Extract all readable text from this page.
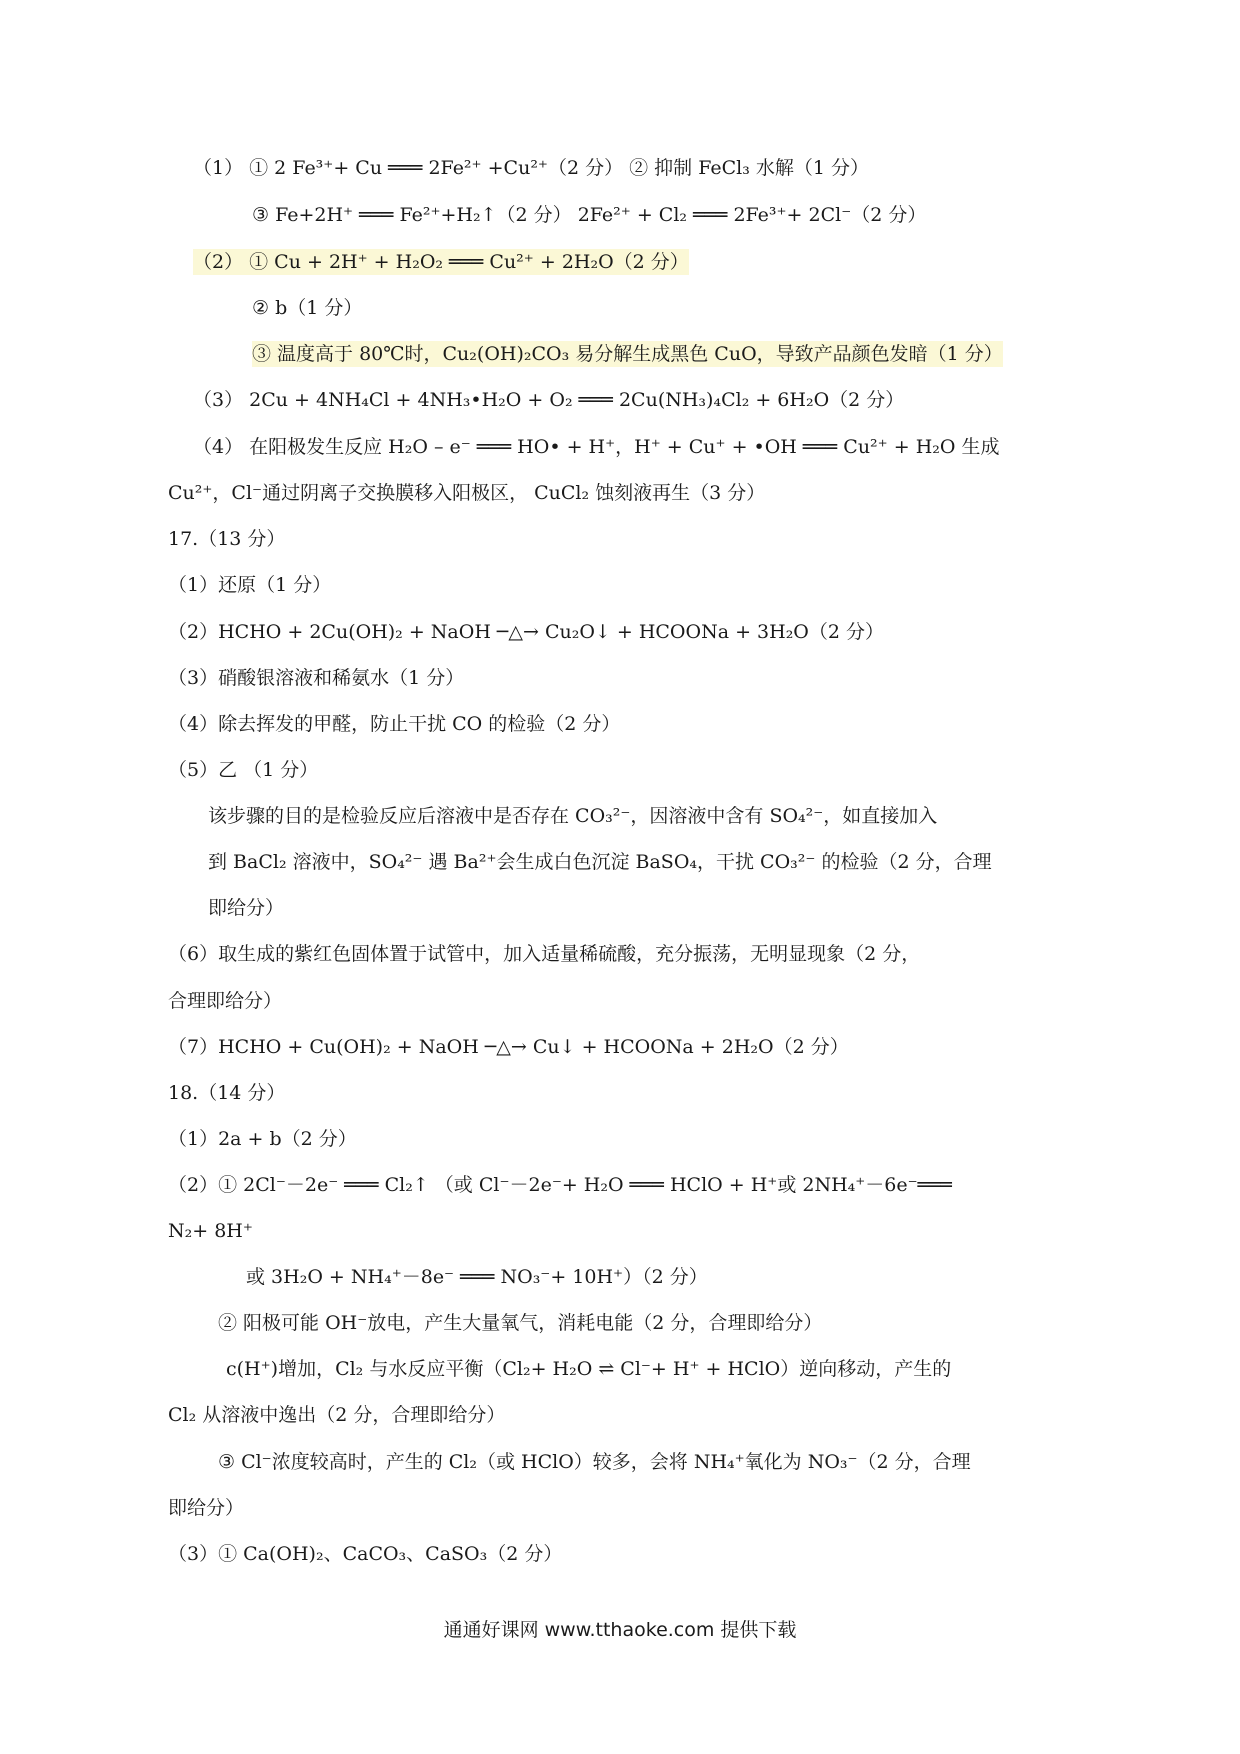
（1） ① 2 Fe³⁺+ Cu ═══ 2Fe²⁺ +Cu²⁺（2 分） ② 抑制 FeCl₃ 水解（1 分）
③ Fe+2H⁺ ═══ Fe²⁺+H₂↑（2 分） 2Fe²⁺ + Cl₂ ═══ 2Fe³⁺+ 2Cl⁻（2 分）
（2） ① Cu + 2H⁺ + H₂O₂ ═══ Cu²⁺ + 2H₂O（2 分）
② b（1 分）
③ 温度高于 80℃时，Cu₂(OH)₂CO₃ 易分解生成黑色 CuO，导致产品颜色发暗（1 分）
（3） 2Cu + 4NH₄Cl + 4NH₃•H₂O + O₂ ═══ 2Cu(NH₃)₄Cl₂ + 6H₂O（2 分）
（4） 在阳极发生反应 H₂O – e⁻ ═══ HO• + H⁺，H⁺ + Cu⁺ + •OH ═══ Cu²⁺ + H₂O 生成
Cu²⁺，Cl⁻通过阴离子交换膜移入阳极区， CuCl₂ 蚀刻液再生（3 分）
17.（13 分）
（1）还原（1 分）
（2）HCHO + 2Cu(OH)₂ + NaOH ─△→ Cu₂O↓ + HCOONa + 3H₂O（2 分）
（3）硝酸银溶液和稀氨水（1 分）
（4）除去挥发的甲醛，防止干扰 CO 的检验（2 分）
（5）乙 （1 分）
该步骤的目的是检验反应后溶液中是否存在 CO₃²⁻，因溶液中含有 SO₄²⁻，如直接加入
到 BaCl₂ 溶液中，SO₄²⁻ 遇 Ba²⁺会生成白色沉淀 BaSO₄，干扰 CO₃²⁻ 的检验（2 分，合理
即给分）
（6）取生成的紫红色固体置于试管中，加入适量稀硫酸，充分振荡，无明显现象（2 分，
合理即给分）
（7）HCHO + Cu(OH)₂ + NaOH ─△→ Cu↓ + HCOONa + 2H₂O（2 分）
18.（14 分）
（1）2a + b（2 分）
（2）① 2Cl⁻－2e⁻ ═══ Cl₂↑ （或 Cl⁻－2e⁻+ H₂O ═══ HClO + H⁺或 2NH₄⁺－6e⁻═══
N₂+ 8H⁺
或 3H₂O + NH₄⁺－8e⁻ ═══ NO₃⁻+ 10H⁺）（2 分）
② 阳极可能 OH⁻放电，产生大量氧气，消耗电能（2 分，合理即给分）
c(H⁺)增加，Cl₂ 与水反应平衡（Cl₂+ H₂O ⇌ Cl⁻+ H⁺ + HClO）逆向移动，产生的
Cl₂ 从溶液中逸出（2 分，合理即给分）
③ Cl⁻浓度较高时，产生的 Cl₂（或 HClO）较多，会将 NH₄⁺氧化为 NO₃⁻（2 分，合理
即给分）
（3）① Ca(OH)₂、CaCO₃、CaSO₃（2 分）
通通好课网 www.tthaoke.com 提供下载
